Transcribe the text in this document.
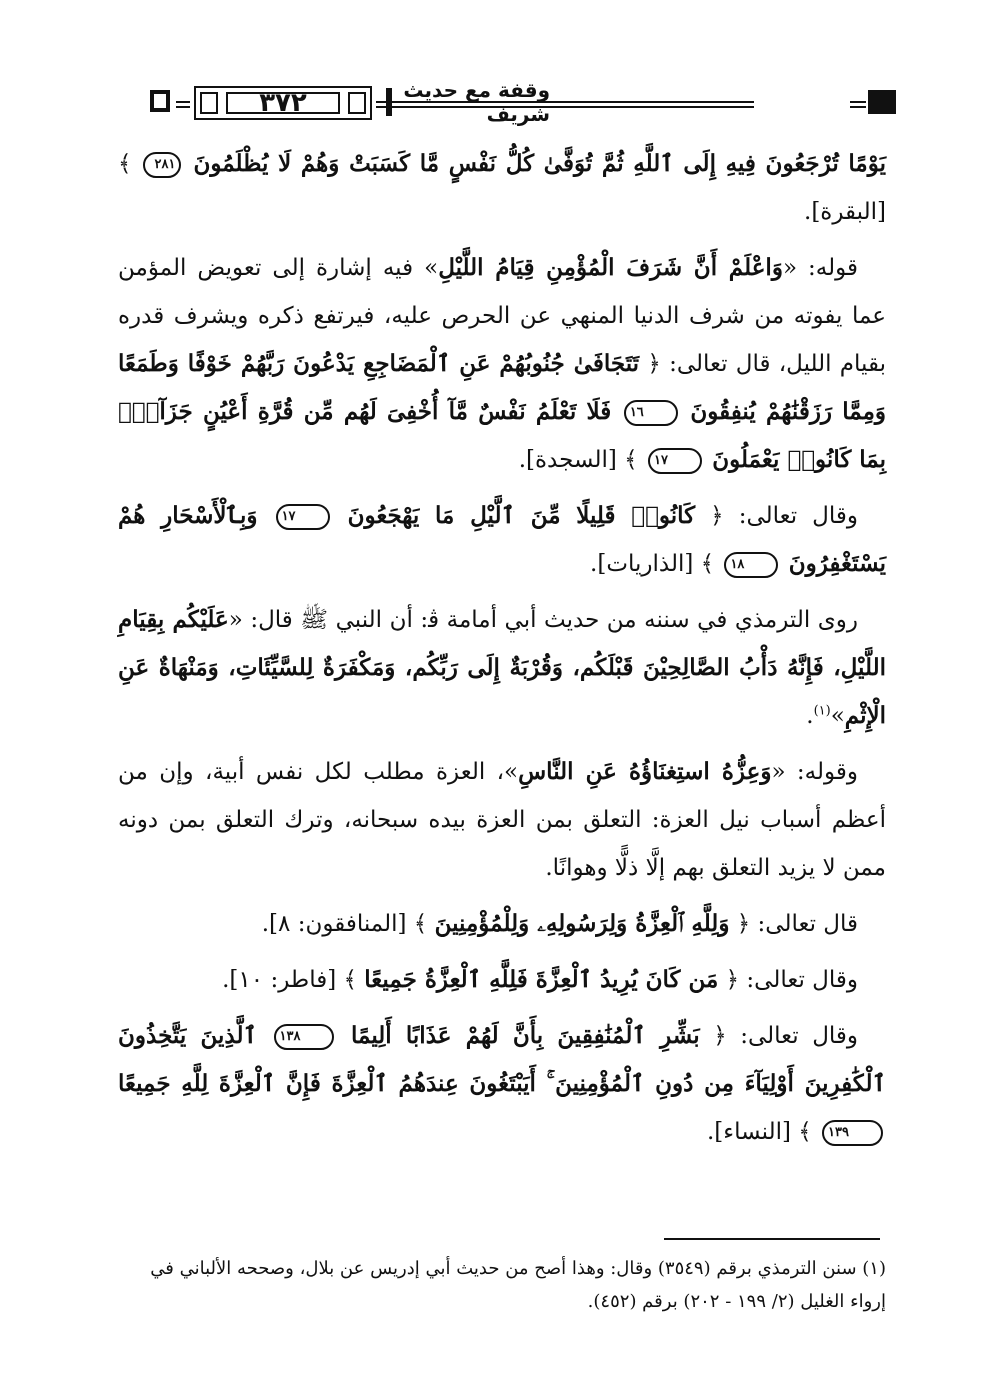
٣٧٢	وقفة مع حديث شريف

يَوْمًا تُرْجَعُونَ فِيهِ إِلَى ٱللَّهِ ثُمَّ تُوَفَّىٰ كُلُّ نَفْسٍ مَّا كَسَبَتْ وَهُمْ لَا يُظْلَمُونَ ٢٨١ ﴾ [البقرة].

قوله: «وَاعْلَمْ أَنَّ شَرَفَ الْمُؤْمِنِ قِيَامُ اللَّيْلِ» فيه إشارة إلى تعويض المؤمن عما يفوته من شرف الدنيا المنهي عن الحرص عليه، فيرتفع ذكره ويشرف قدره بقيام الليل، قال تعالى: ﴿ تَتَجَافَىٰ جُنُوبُهُمْ عَنِ ٱلْمَضَاجِعِ يَدْعُونَ رَبَّهُمْ خَوْفًا وَطَمَعًا وَمِمَّا رَزَقْنَٰهُمْ يُنفِقُونَ ١٦ فَلَا تَعْلَمُ نَفْسٌ مَّآ أُخْفِىَ لَهُم مِّن قُرَّةِ أَعْيُنٍ جَزَآءًۢ بِمَا كَانُوا۟ يَعْمَلُونَ ١٧ ﴾ [السجدة].

وقال تعالى: ﴿ كَانُوا۟ قَلِيلًا مِّنَ ٱلَّيْلِ مَا يَهْجَعُونَ ١٧ وَبِٱلْأَسْحَارِ هُمْ يَسْتَغْفِرُونَ ١٨ ﴾ [الذاريات].

روى الترمذي في سننه من حديث أبي أمامة ﭬ: أن النبي ﷺ قال: «عَلَيْكُم بِقِيَامِ اللَّيْلِ، فَإِنَّهُ دَأْبُ الصَّالِحِيْنَ قَبْلَكُم، وَقُرْبَةٌ إِلَى رَبِّكُم، وَمَكْفَرَةٌ لِلسَّيِّئَاتِ، وَمَنْهَاةٌ عَنِ الْإِثْمِ»$^{(١)}$.

وقوله: «وَعِزُّهُ استِغنَاؤُهُ عَنِ النَّاسِ»، العزة مطلب لكل نفس أبية، وإن من أعظم أسباب نيل العزة: التعلق بمن العزة بيده سبحانه، وترك التعلق بمن دونه ممن لا يزيد التعلق بهم إلَّا ذلًّا وهوانًا.

قال تعالى: ﴿ وَلِلَّهِ ٱلْعِزَّةُ وَلِرَسُولِهِۦ وَلِلْمُؤْمِنِينَ ﴾ [المنافقون: ٨].

وقال تعالى: ﴿ مَن كَانَ يُرِيدُ ٱلْعِزَّةَ فَلِلَّهِ ٱلْعِزَّةُ جَمِيعًا ﴾ [فاطر: ١٠].

وقال تعالى: ﴿ بَشِّرِ ٱلْمُنَٰفِقِينَ بِأَنَّ لَهُمْ عَذَابًا أَلِيمًا ١٣٨ ٱلَّذِينَ يَتَّخِذُونَ ٱلْكَٰفِرِينَ أَوْلِيَآءَ مِن دُونِ ٱلْمُؤْمِنِينَ ۚ أَيَبْتَغُونَ عِندَهُمُ ٱلْعِزَّةَ فَإِنَّ ٱلْعِزَّةَ لِلَّهِ جَمِيعًا ١٣٩ ﴾ [النساء].

(١) سنن الترمذي برقم (٣٥٤٩) وقال: وهذا أصح من حديث أبي إدريس عن بلال، وصححه الألباني في إرواء الغليل (٢/ ١٩٩ - ٢٠٢) برقم (٤٥٢).
